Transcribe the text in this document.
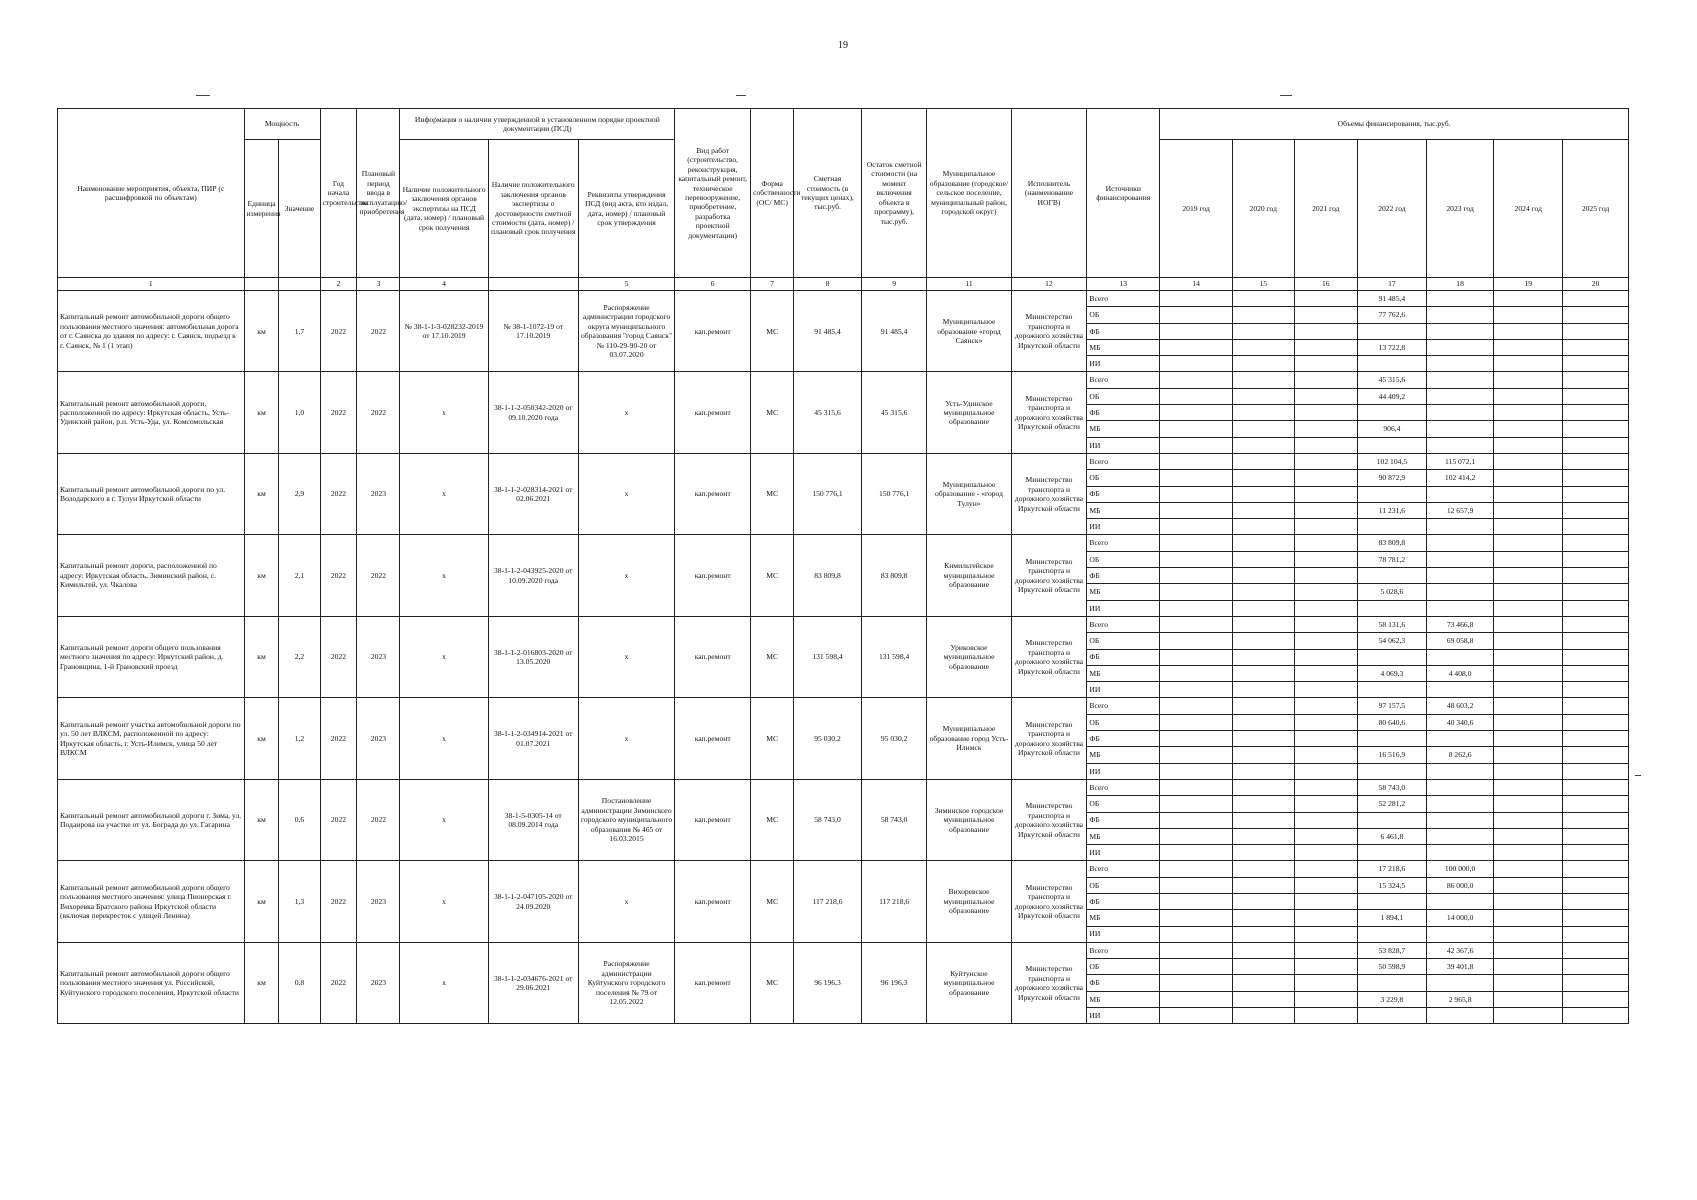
19
Наименование мероприятия, объекта, ПИР (с расшифровкой по объектам)	Мощность		Год начала строительства	Плановый период ввода в эксплуатацию/приобретения	Информация о наличии утвержденной в установленном порядке проектной документации (ПСД)			Вид работ (строительство, реконструкция, капитальный ремонт, техническое перевооружение, приобретение, разработка проектной документации)	Форма собственности (ОС/ МС)	Сметная стоимость (в текущих ценах), тыс.руб.	Остаток сметной стоимости (на момент включения объекта в программу), тыс.руб.	Муниципальное образование (городское/сельское поселение, муниципальный район, городской округ)	Исполнитель (наименование ИОГВ)	Источники финансирования	Объемы финансирования, тыс.руб.						
	Единица измерения	Значение			Наличие положительного заключения органов экспертизы на ПСД (дата, номер) / плановый срок получения	Наличие положительного заключения органов экспертизы о достоверности сметной стоимости (дата, номер) / плановый срок получения	Реквизиты утверждения ПСД (вид акта, кто издал, дата, номер) / плановый срок утверждения								2019 год	2020 год	2021 год	2022 год	2023 год	2024 год	2025 год
1			2	3	4		5	6	7	8	9	11	12	13	14	15	16	17	18	19	20
Капитальный ремонт автомобильной дороги общего пользования местного значения: автомобильная дорога от г. Саянска до здания по адресу: г. Саянск, подъезд к г. Саянск, № 1 (1 этап)	км	1,7	2022	2022	№ 38-1-1-3-028232-2019 от 17.10.2019	№ 38-1-1072-19 от 17.10.2019	Распоряжение администрации городского округа муниципального образования "город Саянск" № 110-29-90-20 от 03.07.2020	кап.ремонт	МС	91 485,4	91 485,4	Муниципальное образование «город Саянск»	Министерство транспорта и дорожного хозяйства Иркутской области	Всего				91 485,4			
														ОБ				77 762,6			
														ФБ							
														МБ				13 722,8			
														ИИ							
Капитальный ремонт автомобильной дороги, расположенной по адресу: Иркутская область, Усть-Удинский район, р.п. Усть-Уда, ул. Комсомольская	км	1,0	2022	2022	х	38-1-1-2-050342-2020 от 09.10.2020 года	х	кап.ремонт	МС	45 315,6	45 315,6	Усть-Удинское муниципальное образование	Министерство транспорта и дорожного хозяйства Иркутской области	Всего				45 315,6			
														ОБ				44 409,2			
														ФБ							
														МБ				906,4			
														ИИ							
Капитальный ремонт автомобильной дороги по ул. Володарского в г. Тулун Иркутской области	км	2,9	2022	2023	х	38-1-1-2-028314-2021 от 02.06.2021	х	кап.ремонт	МС	150 776,1	150 776,1	Муниципальное образование - «город Тулун»	Министерство транспорта и дорожного хозяйства Иркутской области	Всего				102 104,5	115 072,1		
														ОБ				90 872,9	102 414,2		
														ФБ							
														МБ				11 231,6	12 657,9		
														ИИ							
Капитальный ремонт дороги, расположенной по адресу: Иркутская область, Зиминский район, с. Кимильтей, ул. Чкалова	км	2,1	2022	2022	х	38-1-1-2-043925-2020 от 10.09.2020 года	х	кап.ремонт	МС	83 809,8	83 809,8	Кимильтейское муниципальное образование	Министерство транспорта и дорожного хозяйства Иркутской области	Всего				83 809,8			
														ОБ				78 781,2			
														ФБ							
														МБ				5 028,6			
														ИИ							
Капитальный ремонт дороги общего пользования местного значения по адресу: Иркутский район, д. Грановщина, 1-й Грановский проезд	км	2,2	2022	2023	х	38-1-1-2-016803-2020 от 13.05.2020	х	кап.ремонт	МС	131 598,4	131 598,4	Уриковское муниципальное образование	Министерство транспорта и дорожного хозяйства Иркутской области	Всего				58 131,6	73 466,8		
														ОБ				54 062,3	69 058,8		
														ФБ							
														МБ				4 069,3	4 408,0		
														ИИ							
Капитальный ремонт участка автомобильной дороги по ул. 50 лет ВЛКСМ, расположенной по адресу: Иркутская область, г. Усть-Илимск, улица 50 лет ВЛКСМ	км	1,2	2022	2023	х	38-1-1-2-034914-2021 от 01.07.2021	х	кап.ремонт	МС	95 030,2	95 030,2	Муниципальное образование город Усть-Илимск	Министерство транспорта и дорожного хозяйства Иркутской области	Всего				97 157,5	48 603,2		
														ОБ				80 640,6	40 340,6		
														ФБ							
														МБ				16 516,9	8 262,6		
														ИИ							
Капитальный ремонт автомобильной дороги г. Зима, ул. Подаирова на участке от ул. Бограда до ул. Гагарина	км	0,6	2022	2022	х	38-1-5-0305-14 от 08.09.2014 года	Постановление администрации Зиминского городского муниципального образования № 465 от 16.03.2015	кап.ремонт	МС	58 743,0	58 743,0	Зиминское городское муниципальное образование	Министерство транспорта и дорожного хозяйства Иркутской области	Всего				58 743,0			
														ОБ				52 281,2			
														ФБ							
														МБ				6 461,8			
														ИИ							
Капитальный ремонт автомобильной дороги общего пользования местного значения: улица Пионерская г. Вихоревка Братского района Иркутской области (включая перекресток с улицей Ленина)	км	1,3	2022	2023	х	38-1-1-2-047105-2020 от 24.09.2020	х	кап.ремонт	МС	117 218,6	117 218,6	Вихоревское муниципальное образование	Министерство транспорта и дорожного хозяйства Иркутской области	Всего				17 218,6	100 000,0		
														ОБ				15 324,5	86 000,0		
														ФБ							
														МБ				1 894,1	14 000,0		
														ИИ							
Капитальный ремонт автомобильной дороги общего пользования местного значения ул. Российской, Куйтунского городского поселения, Иркутской области	км	0,8	2022	2023	х	38-1-1-2-034676-2021 от 29.06.2021	Распоряжение администрации Куйтунского городского поселения № 79 от 12.05.2022	кап.ремонт	МС	96 196,3	96 196,3	Куйтунское муниципальное образование	Министерство транспорта и дорожного хозяйства Иркутской области	Всего				53 828,7	42 367,6		
														ОБ				50 598,9	39 401,8		
														ФБ							
														МБ				3 229,8	2 965,8		
														ИИ							
